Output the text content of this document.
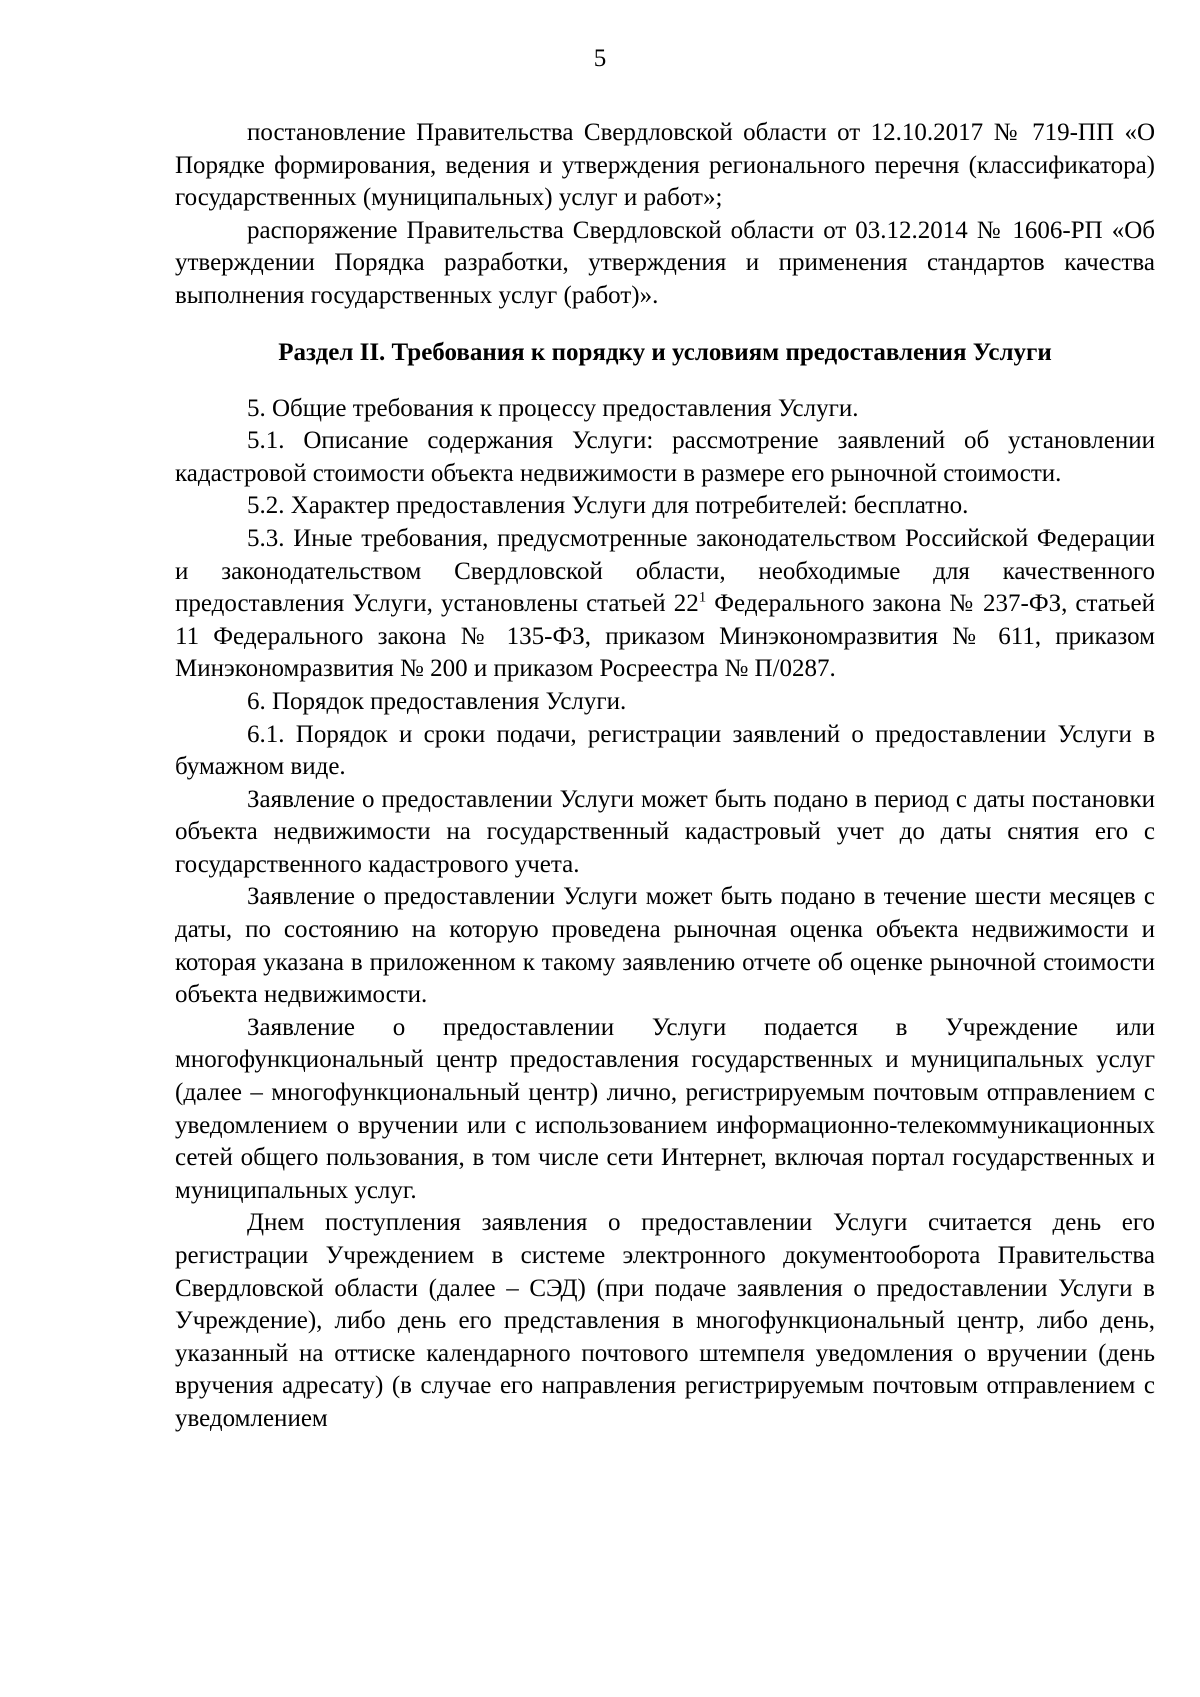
5

постановление Правительства Свердловской области от 12.10.2017 № 719-ПП «О Порядке формирования, ведения и утверждения регионального перечня (классификатора) государственных (муниципальных) услуг и работ»;

распоряжение Правительства Свердловской области от 03.12.2014 № 1606-РП «Об утверждении Порядка разработки, утверждения и применения стандартов качества выполнения государственных услуг (работ)».

Раздел II. Требования к порядку и условиям предоставления Услуги

5. Общие требования к процессу предоставления Услуги.

5.1. Описание содержания Услуги: рассмотрение заявлений об установлении кадастровой стоимости объекта недвижимости в размере его рыночной стоимости.

5.2. Характер предоставления Услуги для потребителей: бесплатно.

5.3. Иные требования, предусмотренные законодательством Российской Федерации и законодательством Свердловской области, необходимые для качественного предоставления Услуги, установлены статьей $22^1$ Федерального закона № 237-ФЗ, статьей 11 Федерального закона № 135-ФЗ, приказом Минэкономразвития № 611, приказом Минэкономразвития № 200 и приказом Росреестра № П/0287.

6. Порядок предоставления Услуги.

6.1. Порядок и сроки подачи, регистрации заявлений о предоставлении Услуги в бумажном виде.

Заявление о предоставлении Услуги может быть подано в период с даты постановки объекта недвижимости на государственный кадастровый учет до даты снятия его с государственного кадастрового учета.

Заявление о предоставлении Услуги может быть подано в течение шести месяцев с даты, по состоянию на которую проведена рыночная оценка объекта недвижимости и которая указана в приложенном к такому заявлению отчете об оценке рыночной стоимости объекта недвижимости.

Заявление о предоставлении Услуги подается в Учреждение или многофункциональный центр предоставления государственных и муниципальных услуг (далее – многофункциональный центр) лично, регистрируемым почтовым отправлением с уведомлением о вручении или с использованием информационно-телекоммуникационных сетей общего пользования, в том числе сети Интернет, включая портал государственных и муниципальных услуг.

Днем поступления заявления о предоставлении Услуги считается день его регистрации Учреждением в системе электронного документооборота Правительства Свердловской области (далее – СЭД) (при подаче заявления о предоставлении Услуги в Учреждение), либо день его представления в многофункциональный центр, либо день, указанный на оттиске календарного почтового штемпеля уведомления о вручении (день вручения адресату) (в случае его направления регистрируемым почтовым отправлением с уведомлением
